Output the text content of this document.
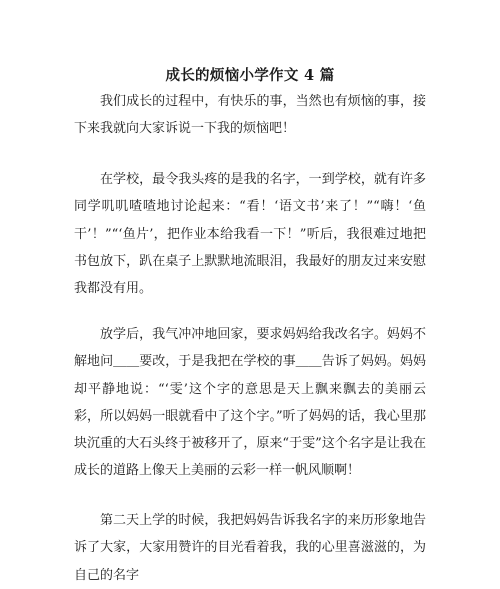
成长的烦恼小学作文 4 篇

我们成长的过程中，有快乐的事，当然也有烦恼的事，接下来我就向大家诉说一下我的烦恼吧！

在学校，最令我头疼的是我的名字，一到学校，就有许多同学叽叽喳喳地讨论起来：“看！‘语文书’来了！”“嗨！‘鱼干’！”“‘鱼片’，把作业本给我看一下！”听后，我很难过地把书包放下，趴在桌子上默默地流眼泪，我最好的朋友过来安慰我都没有用。

放学后，我气冲冲地回家，要求妈妈给我改名字。妈妈不解地问＿＿要改，于是我把在学校的事＿＿告诉了妈妈。妈妈却平静地说：“‘雯’这个字的意思是天上飘来飘去的美丽云彩，所以妈妈一眼就看中了这个字。”听了妈妈的话，我心里那块沉重的大石头终于被移开了，原来“于雯”这个名字是让我在成长的道路上像天上美丽的云彩一样一帆风顺啊！

第二天上学的时候，我把妈妈告诉我名字的来历形象地告诉了大家，大家用赞许的目光看着我，我的心里喜滋滋的，为自己的名字
